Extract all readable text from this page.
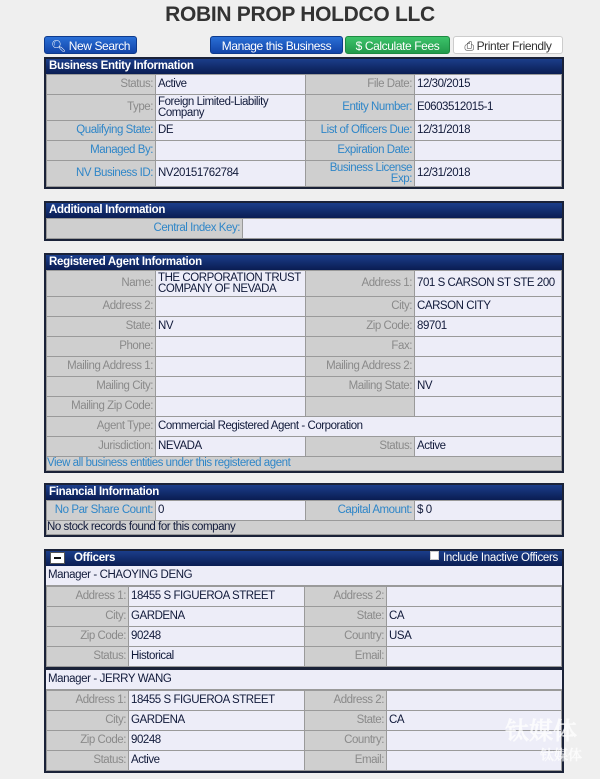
ROBIN PROP HOLDCO LLC
🔍︎ New Search	Manage this Business	$ Calculate Fees	⎙ Printer Friendly
Business Entity Information
Status:	Active	File Date:	12/30/2015
Type:	Foreign Limited-Liability Company	Entity Number:	E0603512015-1
Qualifying State:	DE	List of Officers Due:	12/31/2018
Managed By:		Expiration Date:	
NV Business ID:	NV20151762784	Business License Exp:	12/31/2018
Additional Information
Central Index Key:	
Registered Agent Information
Name:	THE CORPORATION TRUST COMPANY OF NEVADA	Address 1:	701 S CARSON ST STE 200
Address 2:		City:	CARSON CITY
State:	NV	Zip Code:	89701
Phone:		Fax:	
Mailing Address 1:		Mailing Address 2:	
Mailing City:		Mailing State:	NV
Mailing Zip Code:			
Agent Type:	Commercial Registered Agent - Corporation		
Jurisdiction:	NEVADA	Status:	Active
View all business entities under this registered agent			
Financial Information
No Par Share Count:	0	Capital Amount:	$ 0
No stock records found for this company
Officers	Include Inactive Officers
Manager - CHAOYING DENG
Address 1:	18455 S FIGUEROA STREET	Address 2:	
City:	GARDENA	State:	CA
Zip Code:	90248	Country:	USA
Status:	Historical	Email:	
Manager - JERRY WANG
Address 1:	18455 S FIGUEROA STREET	Address 2:	
City:	GARDENA	State:	CA
Zip Code:	90248	Country:	
Status:	Active	Email:	
钛媒体
钛媒体
